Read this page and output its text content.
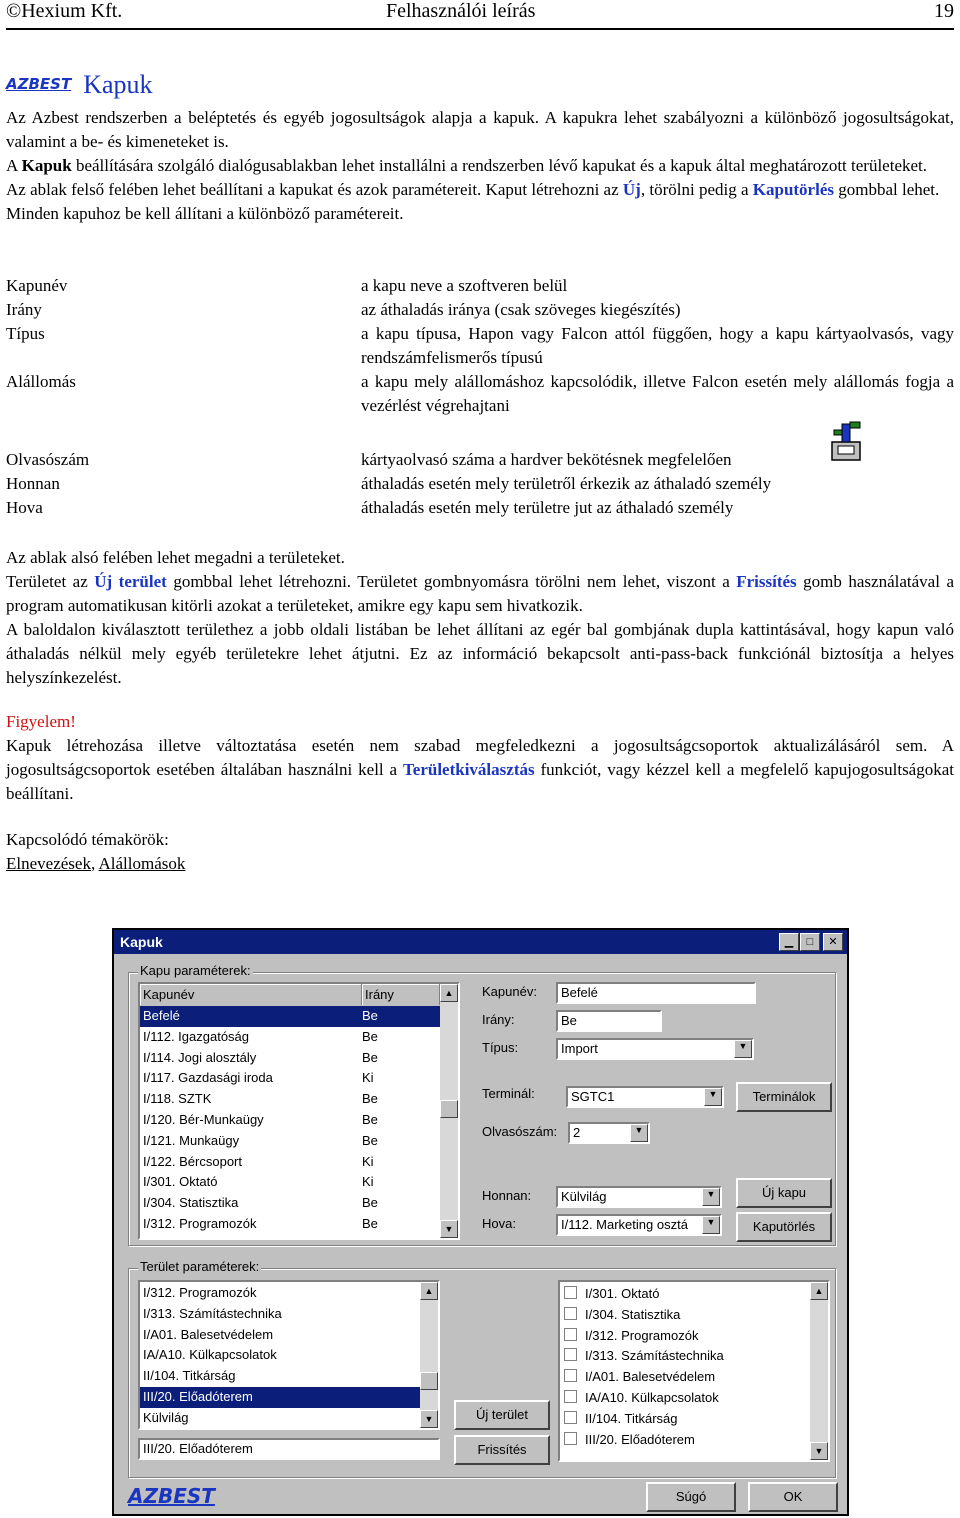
©Hexium Kft.	Felhasználói leírás	19
AZBEST Kapuk

Az Azbest rendszerben a beléptetés és egyéb jogosultságok alapja a kapuk. A kapukra lehet szabályozni a különböző jogosultságokat, valamint a be- és kimeneteket is.

A Kapuk beállítására szolgáló dialógusablakban lehet installálni a rendszerben lévő kapukat és a kapuk által meghatározott területeket.

Az ablak felső felében lehet beállítani a kapukat és azok paramétereit. Kaput létrehozni az Új, törölni pedig a Kaputörlés gombbal lehet.

Minden kapuhoz be kell állítani a különböző paramétereit.

Kapunév	a kapu neve a szoftveren belül
Irány	az áthaladás iránya (csak szöveges kiegészítés)
Típus	a kapu típusa, Hapon vagy Falcon attól függően, hogy a kapu kártyaolvasós, vagy rendszámfelismerős típusú
Alállomás	a kapu mely alállomáshoz kapcsolódik, illetve Falcon esetén mely alállomás fogja a vezérlést végrehajtani
Olvasószám	kártyaolvasó száma a hardver bekötésnek megfelelően
Honnan	áthaladás esetén mely területről érkezik az áthaladó személy
Hova	áthaladás esetén mely területre jut az áthaladó személy

Az ablak alsó felében lehet megadni a területeket.

Területet az Új terület gombbal lehet létrehozni. Területet gombnyomásra törölni nem lehet, viszont a Frissítés gomb használatával a program automatikusan kitörli azokat a területeket, amikre egy kapu sem hivatkozik.

A baloldalon kiválasztott területhez a jobb oldali listában be lehet állítani az egér bal gombjának dupla kattintásával, hogy kapun való áthaladás nélkül mely egyéb területekre lehet átjutni. Ez az információ bekapcsolt anti-pass-back funkciónál biztosítja a helyes helyszínkezelést.

Figyelem!

Kapuk létrehozása illetve változtatása esetén nem szabad megfeledkezni a jogosultságcsoportok aktualizálásáról sem. A jogosultságcsoportok esetében általában használni kell a Területkiválasztás funkciót, vagy kézzel kell a megfelelő kapujogosultságokat beállítani.

Kapcsolódó témakörök:

Elnevezések, Alállomások

Kapuk	▁	□	✕
Kapu paraméterek:
Kapunév	Irány
Befelé	Be
I/112. Igazgatóság	Be
I/114. Jogi alosztály	Be
I/117. Gazdasági iroda	Ki
I/118. SZTK	Be
I/120. Bér-Munkaügy	Be
I/121. Munkaügy	Be
I/122. Bércsoport	Ki
I/301. Oktató	Ki
I/304. Statisztika	Be
I/312. Programozók	Be
▲
▼
Kapunév: Befelé
Irány:	Be
Típus:	Import	▼
Terminál:	SGTC1	▼	Terminálok
Olvasószám: 2	▼
Honnan: Külvilág	▼	Új kapu
Hova:	I/112. Marketing osztá	▼	Kaputörlés
Terület paraméterek:
I/312. Programozók
I/313. Számítástechnika
I/A01. Balesetvédelem
IA/A10. Külkapcsolatok
II/104. Titkárság
III/20. Előadóterem
Külvilág
▲
▼
III/20. Előadóterem
Új terület
Frissítés
I/301. Oktató
I/304. Statisztika
I/312. Programozók
I/313. Számítástechnika
I/A01. Balesetvédelem
IA/A10. Külkapcsolatok
II/104. Titkárság
III/20. Előadóterem
▲
▼
AZBEST	Súgó	OK
